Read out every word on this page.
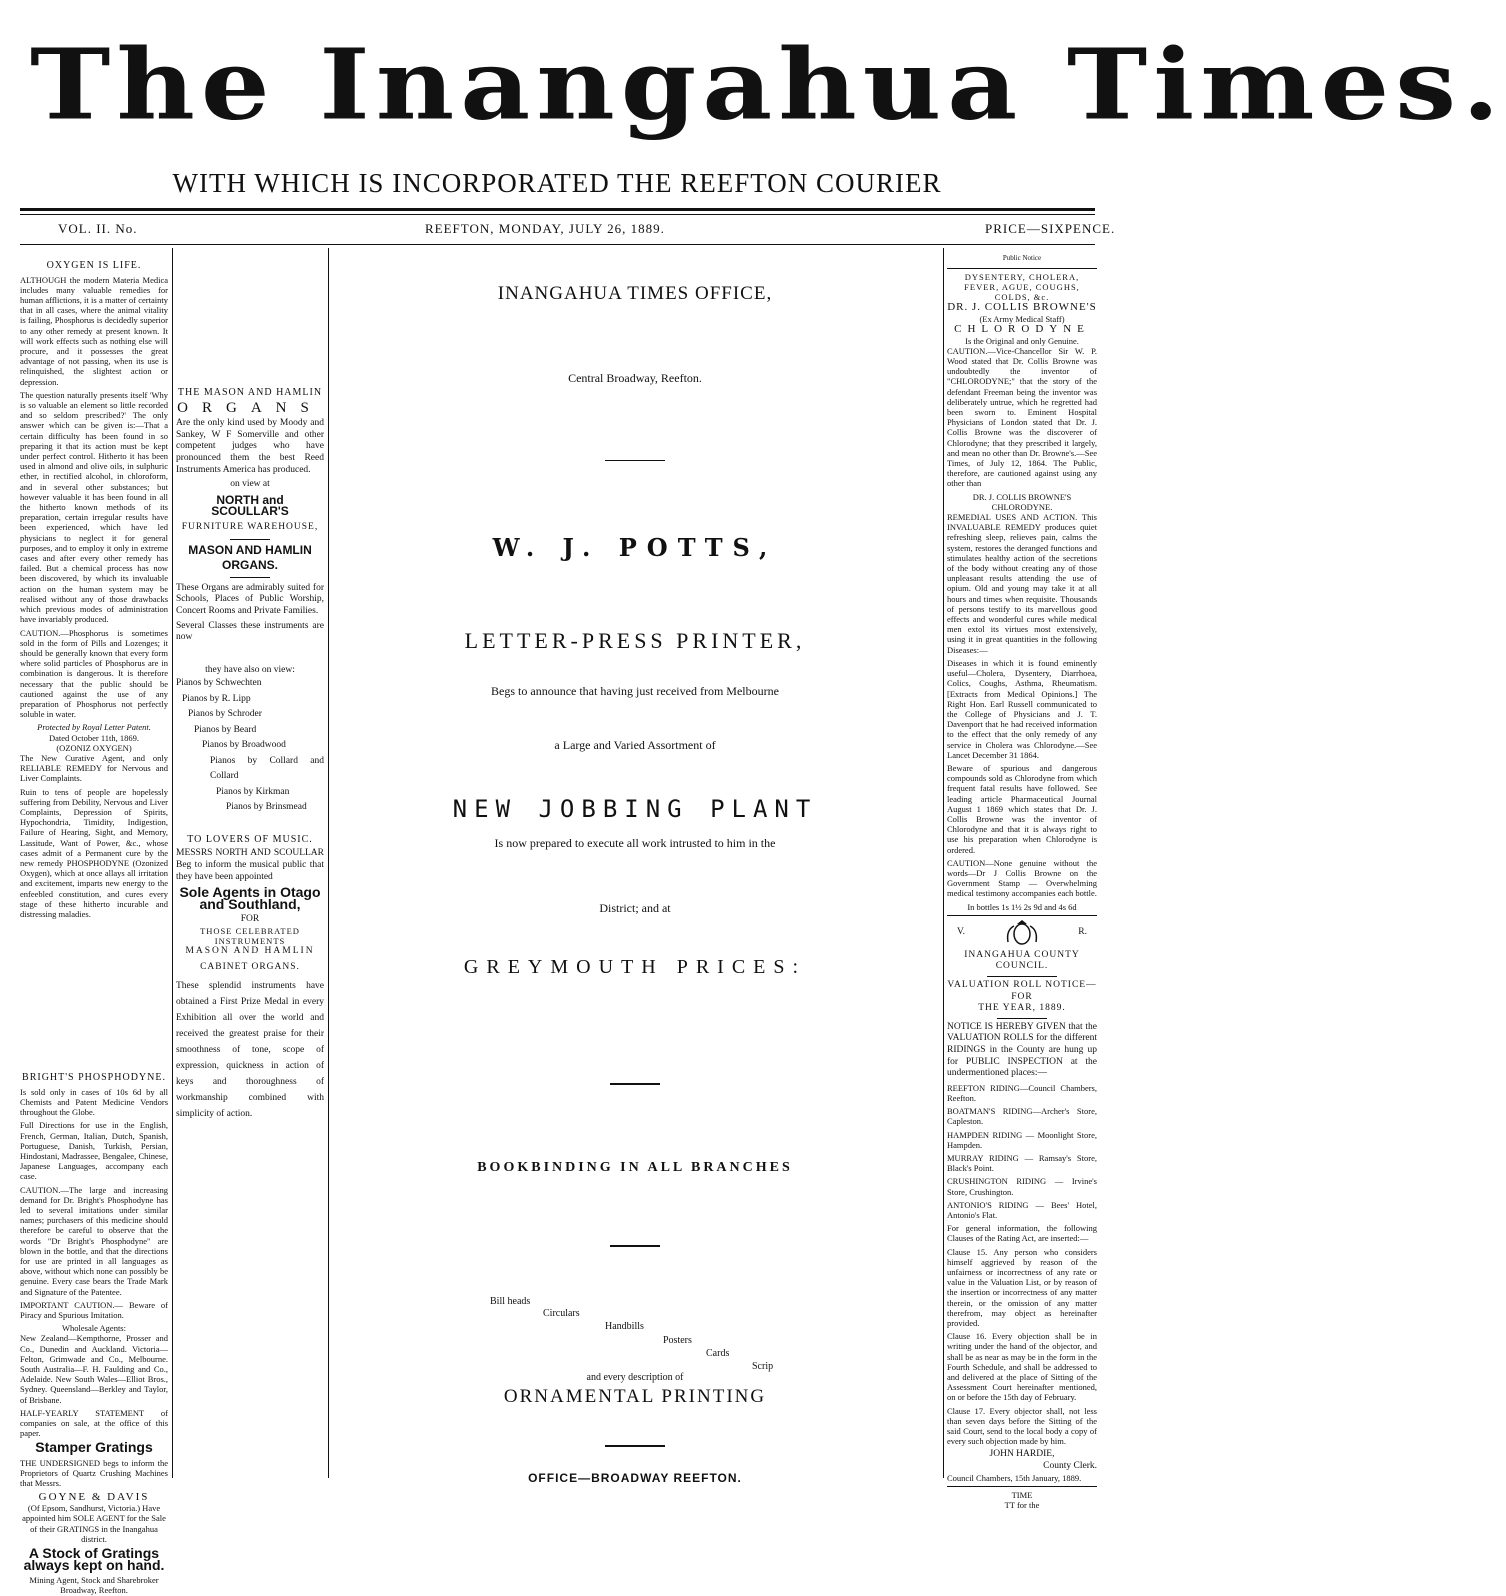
The Inangahua Times.
WITH WHICH IS INCORPORATED THE REEFTON COURIER
VOL. II. No.	REEFTON, MONDAY, JULY 26, 1889.	PRICE—SIXPENCE.
OXYGEN IS LIFE.

ALTHOUGH the modern Materia Medica includes many valuable remedies for human afflictions, it is a matter of certainty that in all cases, where the animal vitality is failing, Phosphorus is decidedly superior to any other remedy at present known. It will work effects such as nothing else will procure, and it possesses the great advantage of not passing, when its use is relinquished, the slightest action or depression.

The question naturally presents itself 'Why is so valuable an element so little recorded and so seldom prescribed?' The only answer which can be given is:—That a certain difficulty has been found in so preparing it that its action must be kept under perfect control. Hitherto it has been used in almond and olive oils, in sulphuric ether, in rectified alcohol, in chloroform, and in several other substances; but however valuable it has been found in all the hitherto known methods of its preparation, certain irregular results have been experienced, which have led physicians to neglect it for general purposes, and to employ it only in extreme cases and after every other remedy has failed. But a chemical process has now been discovered, by which its invaluable action on the human system may be realised without any of those drawbacks which previous modes of administration have invariably produced.

CAUTION.—Phosphorus is sometimes sold in the form of Pills and Lozenges; it should be generally known that every form where solid particles of Phosphorus are in combination is dangerous. It is therefore necessary that the public should be cautioned against the use of any preparation of Phosphorus not perfectly soluble in water.

Protected by Royal Letter Patent.
Dated October 11th, 1869.
(OZONIZ OXYGEN)

The New Curative Agent, and only RELIABLE REMEDY for Nervous and Liver Complaints.

Ruin to tens of people are hopelessly suffering from Debility, Nervous and Liver Complaints, Depression of Spirits, Hypochondria, Timidity, Indigestion, Failure of Hearing, Sight, and Memory, Lassitude, Want of Power, &c., whose cases admit of a Permanent cure by the new remedy PHOSPHODYNE (Ozonized Oxygen), which at once allays all irritation and excitement, imparts new energy to the enfeebled constitution, and cures every stage of these hitherto incurable and distressing maladies.

BRIGHT'S PHOSPHODYNE.

Is sold only in cases of 10s 6d by all Chemists and Patent Medicine Vendors throughout the Globe.

Full Directions for use in the English, French, German, Italian, Dutch, Spanish, Portuguese, Danish, Turkish, Persian, Hindostani, Madrassee, Bengalee, Chinese, Japanese Languages, accompany each case.

CAUTION.—The large and increasing demand for Dr. Bright's Phosphodyne has led to several imitations under similar names; purchasers of this medicine should therefore be careful to observe that the words "Dr Bright's Phosphodyne" are blown in the bottle, and that the directions for use are printed in all languages as above, without which none can possibly be genuine. Every case bears the Trade Mark and Signature of the Patentee.

IMPORTANT CAUTION.— Beware of Piracy and Spurious Imitation.

Wholesale Agents:

New Zealand—Kempthorne, Prosser and Co., Dunedin and Auckland. Victoria—Felton, Grimwade and Co., Melbourne. South Australia—F. H. Faulding and Co., Adelaide. New South Wales—Elliot Bros., Sydney. Queensland—Berkley and Taylor, of Brisbane.

HALF-YEARLY STATEMENT of companies on sale, at the office of this paper.

Stamper Gratings

THE UNDERSIGNED begs to inform the Proprietors of Quartz Crushing Machines that Messrs.

GOYNE & DAVIS

(Of Epsom, Sandhurst, Victoria.) Have appointed him SOLE AGENT for the Sale of their GRATINGS in the Inangahua district.

A Stock of Gratings always kept on hand.
Mining Agent, Stock and Sharebroker Broadway, Reefton.
THE MASON AND HAMLIN
ORGANS

Are the only kind used by Moody and Sankey, W F Somerville and other competent judges who have pronounced them the best Reed Instruments America has produced.

on view at
NORTH and SCOULLAR'S
FURNITURE WAREHOUSE,
MASON AND HAMLIN
ORGANS.

These Organs are admirably suited for Schools, Places of Public Worship, Concert Rooms and Private Families.

Several Classes these instruments are now

they have also on view:
Pianos by Schwechten
Pianos by R. Lipp
Pianos by Schroder
Pianos by Beard
Pianos by Broadwood
Pianos by Collard and Collard
Pianos by Kirkman
Pianos by Brinsmead
TO LOVERS OF MUSIC.

MESSRS NORTH AND SCOULLAR Beg to inform the musical public that they have been appointed

Sole Agents in Otago and Southland,
FOR
THOSE CELEBRATED INSTRUMENTS
MASON AND HAMLIN
CABINET ORGANS.

These splendid instruments have obtained a First Prize Medal in every Exhibition all over the world and received the greatest praise for their smoothness of tone, scope of expression, quickness in action of keys and thoroughness of workmanship combined with simplicity of action.

INANGAHUA TIMES OFFICE,
Central Broadway, Reefton.
W. J. POTTS,
LETTER-PRESS PRINTER,
Begs to announce that having just received from Melbourne
a Large and Varied Assortment of
NEW JOBBING PLANT
Is now prepared to execute all work intrusted to him in the
District; and at
GREYMOUTH PRICES:
BOOKBINDING IN ALL BRANCHES
Bill heads
Circulars
Handbills
Posters
Cards
Scrip
and every description of
ORNAMENTAL PRINTING
OFFICE—BROADWAY REEFTON.
Public Notice
DYSENTERY, CHOLERA, FEVER, AGUE, COUGHS, COLDS, &c.
DR. J. COLLIS BROWNE'S
(Ex Army Medical Staff)
CHLORODYNE
Is the Original and only Genuine.

CAUTION.—Vice-Chancellor Sir W. P. Wood stated that Dr. Collis Browne was undoubtedly the inventor of "CHLORODYNE;" that the story of the defendant Freeman being the inventor was deliberately untrue, which he regretted had been sworn to. Eminent Hospital Physicians of London stated that Dr. J. Collis Browne was the discoverer of Chlorodyne; that they prescribed it largely, and mean no other than Dr. Browne's.—See Times, of July 12, 1864. The Public, therefore, are cautioned against using any other than

DR. J. COLLIS BROWNE'S CHLORODYNE.

REMEDIAL USES AND ACTION. This INVALUABLE REMEDY produces quiet refreshing sleep, relieves pain, calms the system, restores the deranged functions and stimulates healthy action of the secretions of the body without creating any of those unpleasant results attending the use of opium. Old and young may take it at all hours and times when requisite. Thousands of persons testify to its marvellous good effects and wonderful cures while medical men extol its virtues most extensively, using it in great quantities in the following Diseases:—

Diseases in which it is found eminently useful—Cholera, Dysentery, Diarrhoea, Colics, Coughs, Asthma, Rheumatism. [Extracts from Medical Opinions.] The Right Hon. Earl Russell communicated to the College of Physicians and J. T. Davenport that he had received information to the effect that the only remedy of any service in Cholera was Chlorodyne.—See Lancet December 31 1864.

Beware of spurious and dangerous compounds sold as Chlorodyne from which frequent fatal results have followed. See leading article Pharmaceutical Journal August 1 1869 which states that Dr. J. Collis Browne was the inventor of Chlorodyne and that it is always right to use his preparation when Chlorodyne is ordered.

CAUTION—None genuine without the words—Dr J Collis Browne on the Government Stamp — Overwhelming medical testimony accompanies each bottle.

In bottles 1s 1½ 2s 9d and 4s 6d
V.	R.
INANGAHUA COUNTY COUNCIL.
VALUATION ROLL NOTICE—FOR
THE YEAR, 1889.

NOTICE IS HEREBY GIVEN that the VALUATION ROLLS for the different RIDINGS in the County are hung up for PUBLIC INSPECTION at the undermentioned places:—

REEFTON RIDING—Council Chambers, Reefton.

BOATMAN'S RIDING—Archer's Store, Capleston.

HAMPDEN RIDING — Moonlight Store, Hampden.

MURRAY RIDING — Ramsay's Store, Black's Point.

CRUSHINGTON RIDING — Irvine's Store, Crushington.

ANTONIO'S RIDING — Bees' Hotel, Antonio's Flat.

For general information, the following Clauses of the Rating Act, are inserted:—

Clause 15. Any person who considers himself aggrieved by reason of the unfairness or incorrectness of any rate or value in the Valuation List, or by reason of the insertion or incorrectness of any matter therein, or the omission of any matter therefrom, may object as hereinafter provided.

Clause 16. Every objection shall be in writing under the hand of the objector, and shall be as near as may be in the form in the Fourth Schedule, and shall be addressed to and delivered at the place of Sitting of the Assessment Court hereinafter mentioned, on or before the 15th day of February.

Clause 17. Every objector shall, not less than seven days before the Sitting of the said Court, send to the local body a copy of every such objection made by him.

JOHN HARDIE,
County Clerk.
Council Chambers, 15th January, 1889.
TIME
TT for the
